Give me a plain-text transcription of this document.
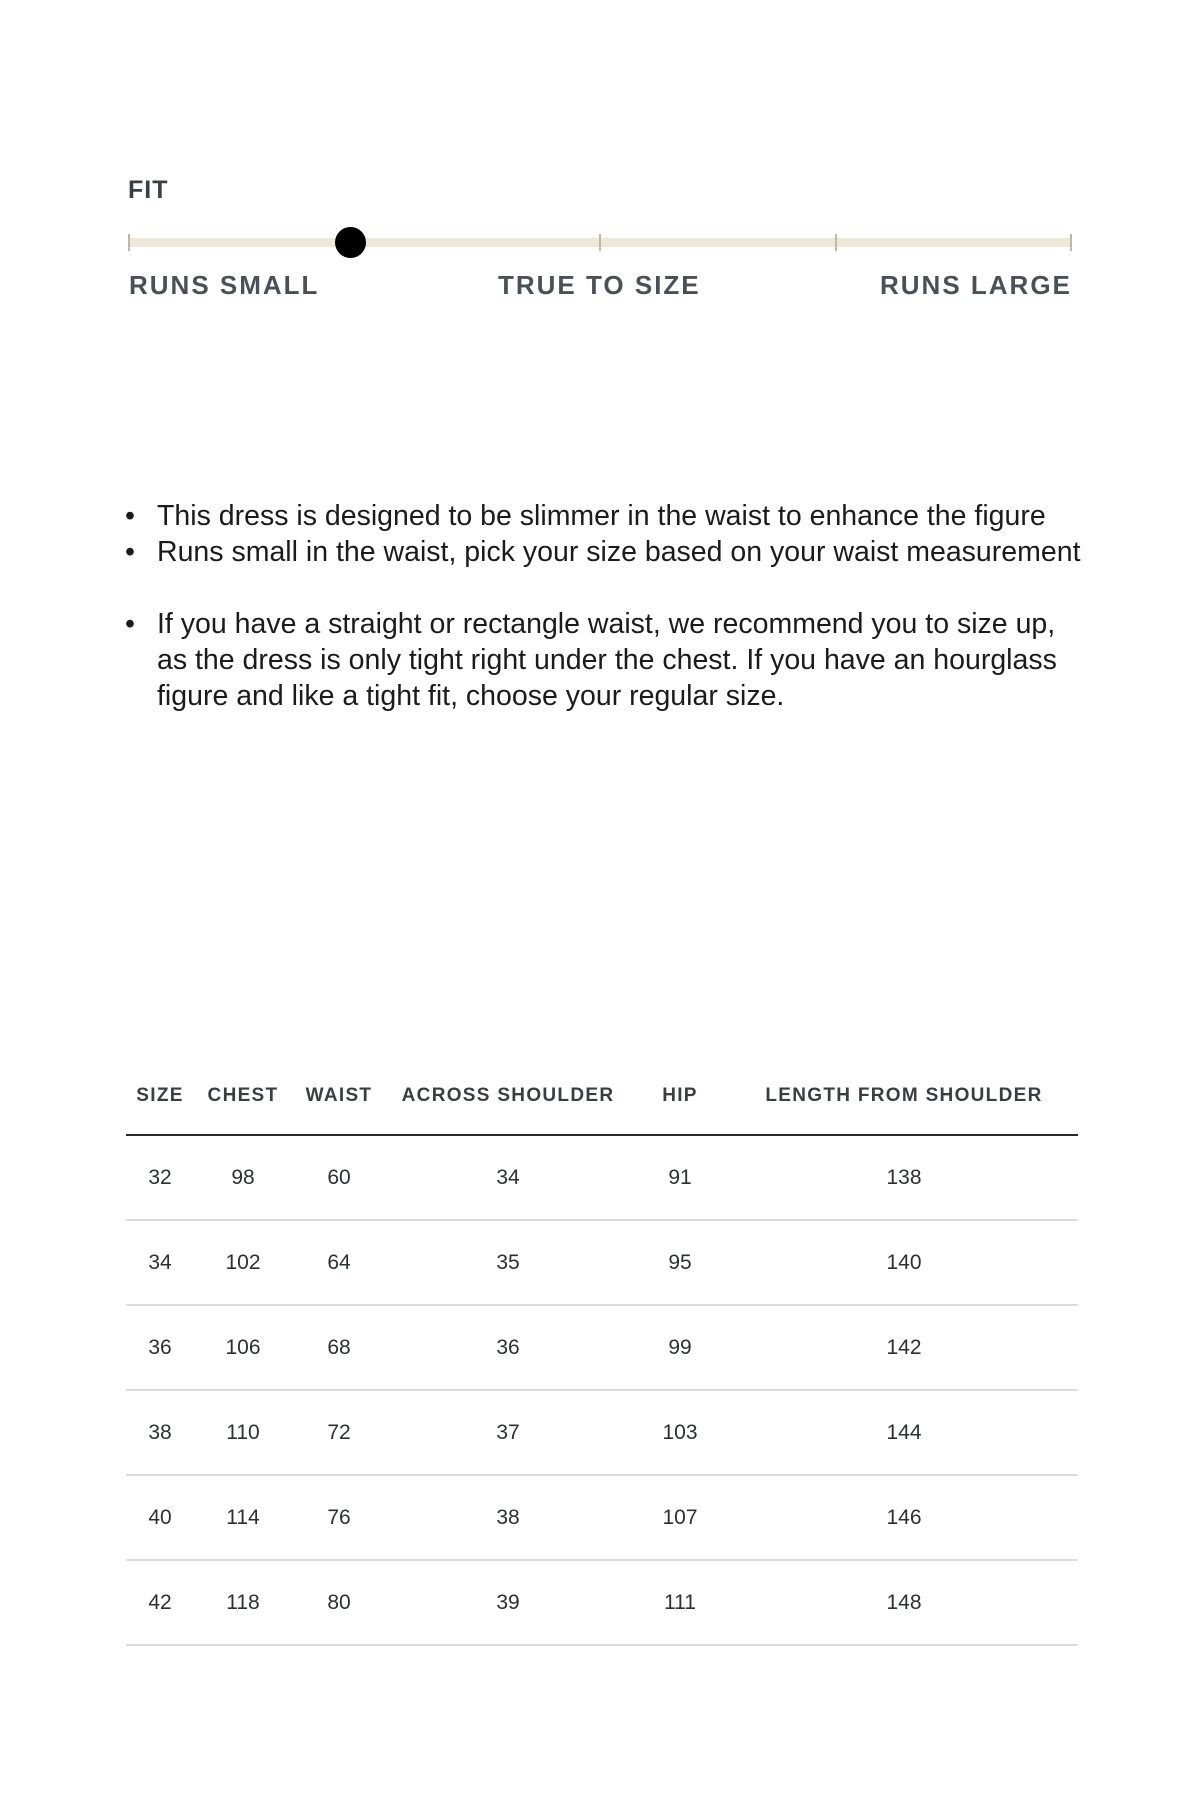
FIT
RUNS SMALL	TRUE TO SIZE	RUNS LARGE
• This dress is designed to be slimmer in the waist to enhance the figure
• Runs small in the waist, pick your size based on your waist measurement
• If you have a straight or rectangle waist, we recommend you to size up, as the dress is only tight right under the chest. If you have an hourglass figure and like a tight fit, choose your regular size.
SIZE	CHEST	WAIST	ACROSS SHOULDER	HIP	LENGTH FROM SHOULDER
32	98	60	34	91	138
34	102	64	35	95	140
36	106	68	36	99	142
38	110	72	37	103	144
40	114	76	38	107	146
42	118	80	39	111	148
